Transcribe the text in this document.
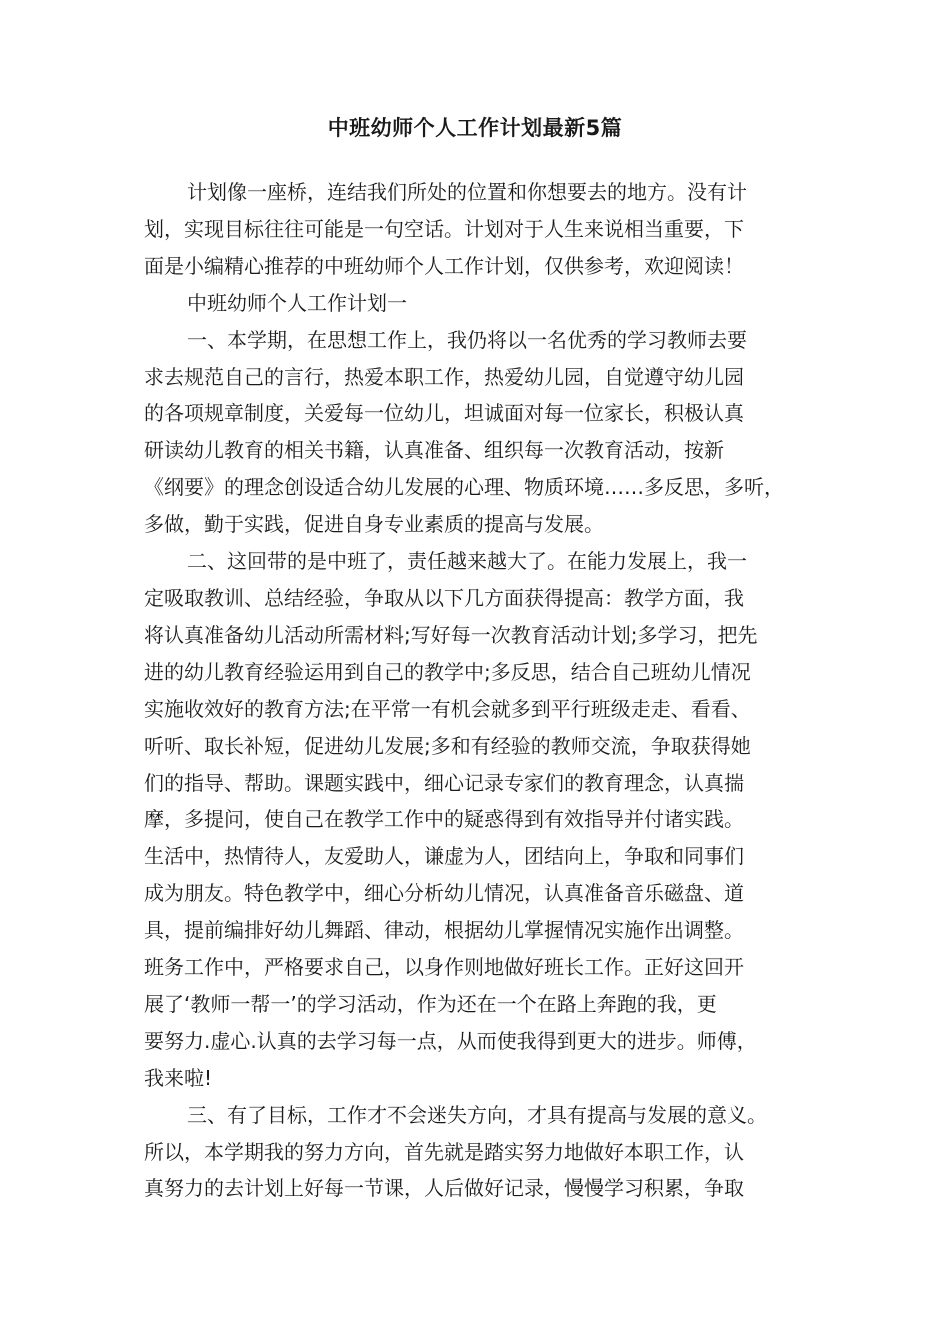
中班幼师个人工作计划最新5篇
计划像一座桥，连结我们所处的位置和你想要去的地方。没有计
划，实现目标往往可能是一句空话。计划对于人生来说相当重要，下
面是小编精心推荐的中班幼师个人工作计划，仅供参考，欢迎阅读！
中班幼师个人工作计划一
一、本学期，在思想工作上，我仍将以一名优秀的学习教师去要
求去规范自己的言行，热爱本职工作，热爱幼儿园，自觉遵守幼儿园
的各项规章制度，关爱每一位幼儿，坦诚面对每一位家长，积极认真
研读幼儿教育的相关书籍，认真准备、组织每一次教育活动，按新
《纲要》的理念创设适合幼儿发展的心理、物质环境……多反思，多听，
多做，勤于实践，促进自身专业素质的提高与发展。
二、这回带的是中班了，责任越来越大了。在能力发展上，我一
定吸取教训、总结经验，争取从以下几方面获得提高：教学方面，我
将认真准备幼儿活动所需材料;写好每一次教育活动计划;多学习，把先
进的幼儿教育经验运用到自己的教学中;多反思，结合自己班幼儿情况
实施收效好的教育方法;在平常一有机会就多到平行班级走走、看看、
听听、取长补短，促进幼儿发展;多和有经验的教师交流，争取获得她
们的指导、帮助。课题实践中，细心记录专家们的教育理念，认真揣
摩，多提问，使自己在教学工作中的疑惑得到有效指导并付诸实践。
生活中，热情待人，友爱助人，谦虚为人，团结向上，争取和同事们
成为朋友。特色教学中，细心分析幼儿情况，认真准备音乐磁盘、道
具，提前编排好幼儿舞蹈、律动，根据幼儿掌握情况实施作出调整。
班务工作中，严格要求自己，以身作则地做好班长工作。正好这回开
展了‘教师一帮一’的学习活动，作为还在一个在路上奔跑的我，更
要努力.虚心.认真的去学习每一点，从而使我得到更大的进步。师傅，
我来啦!
三、有了目标，工作才不会迷失方向，才具有提高与发展的意义。
所以，本学期我的努力方向，首先就是踏实努力地做好本职工作，认
真努力的去计划上好每一节课，人后做好记录，慢慢学习积累，争取
